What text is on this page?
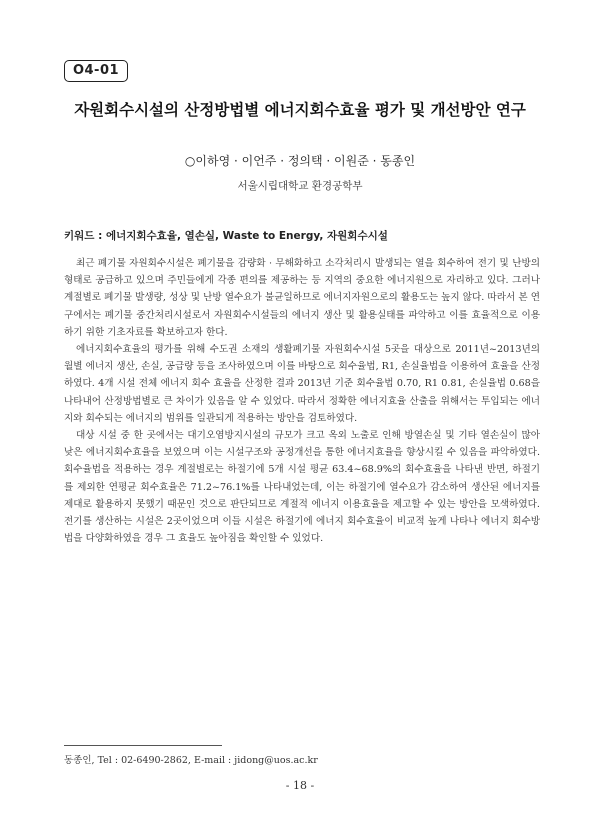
O4-01
자원회수시설의 산정방법별 에너지회수효율 평가 및 개선방안 연구
○이하영 · 이언주 · 정의택 · 이원준 · 동종인
서울시립대학교 환경공학부
키워드 : 에너지회수효율, 열손실, Waste to Energy, 자원회수시설

최근 폐기물 자원회수시설은 폐기물을 감량화 · 무해화하고 소각처리시 발생되는 열을 회수하여 전기 및 난방의 형태로 공급하고 있으며 주민들에게 각종 편의를 제공하는 등 지역의 중요한 에너지원으로 자리하고 있다. 그러나 계절별로 폐기물 발생량, 성상 및 난방 열수요가 불균일하므로 에너지자원으로의 활용도는 높지 않다. 따라서 본 연구에서는 폐기물 중간처리시설로서 자원회수시설들의 에너지 생산 및 활용실태를 파악하고 이를 효율적으로 이용하기 위한 기초자료를 확보하고자 한다.

에너지회수효율의 평가를 위해 수도권 소재의 생활폐기물 자원회수시설 5곳을 대상으로 2011년~2013년의 월별 에너지 생산, 손실, 공급량 등을 조사하였으며 이를 바탕으로 회수율법, R1, 손실율법을 이용하여 효율을 산정하였다. 4개 시설 전체 에너지 회수 효율을 산정한 결과 2013년 기준 회수율법 0.70, R1 0.81, 손실율법 0.68을 나타내어 산정방법별로 큰 차이가 있음을 알 수 있었다. 따라서 정확한 에너지효율 산출을 위해서는 투입되는 에너지와 회수되는 에너지의 범위를 일관되게 적용하는 방안을 검토하였다.

대상 시설 중 한 곳에서는 대기오염방지시설의 규모가 크고 옥외 노출로 인해 방열손실 및 기타 열손실이 많아 낮은 에너지회수효율을 보였으며 이는 시설구조와 공정개선을 통한 에너지효율을 향상시킬 수 있음을 파악하였다. 회수율법을 적용하는 경우 계절별로는 하절기에 5개 시설 평균 63.4~68.9%의 회수효율을 나타낸 반면, 하절기를 제외한 연평균 회수효율은 71.2~76.1%를 나타내었는데, 이는 하절기에 열수요가 감소하여 생산된 에너지를 제대로 활용하지 못했기 때문인 것으로 판단되므로 계절적 에너지 이용효율을 제고할 수 있는 방안을 모색하였다. 전기를 생산하는 시설은 2곳이었으며 이들 시설은 하절기에 에너지 회수효율이 비교적 높게 나타나 에너지 회수방법을 다양화하였을 경우 그 효율도 높아짐을 확인할 수 있었다.

동종인, Tel : 02-6490-2862, E-mail : jidong@uos.ac.kr
- 18 -
